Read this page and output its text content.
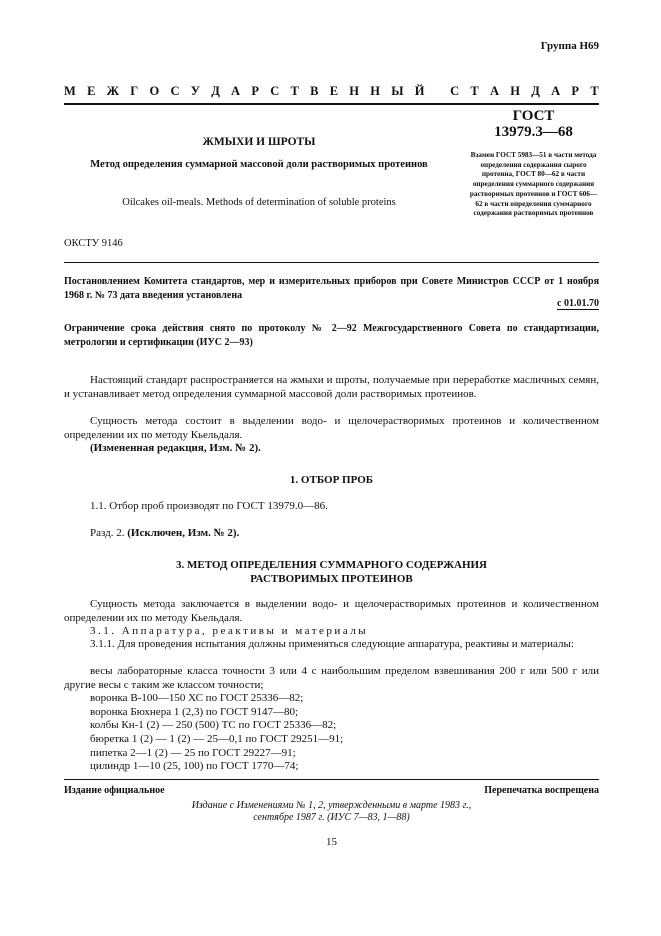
Группа Н69
М Е Ж Г О С У Д А Р С Т В Е Н Н Ы Й
С Т А Н Д А Р Т
ЖМЫХИ И ШРОТЫ
Метод определения суммарной массовой доли растворимых протеинов
Oilcakes oil-meals. Methods of determination of soluble proteins
ОКСТУ 9146
ГОСТ
13979.3—68
Взамен ГОСТ 5983—51 в части метода определения содержания сырого протеина, ГОСТ 80—62 в части определения суммарного содержания растворимых протеинов и ГОСТ 606—62 в части определения суммарного содержания растворимых протеинов
Постановлением Комитета стандартов, мер и измерительных приборов при Совете Министров СССР от 1 ноября 1968 г. № 73 дата введения установлена
с 01.01.70
Ограничение срока действия снято по протоколу № 2—92 Межгосударственного Совета по стандартизации, метрологии и сертификации (ИУС 2—93)
Настоящий стандарт распространяется на жмыхи и шроты, получаемые при переработке масличных семян, и устанавливает метод определения суммарной массовой доли растворимых протеинов.
Сущность метода состоит в выделении водо- и щелочерастворимых протеинов и количественном определении их по методу Кьельдаля.
(Измененная редакция, Изм. № 2).
1. ОТБОР ПРОБ
1.1. Отбор проб производят по ГОСТ 13979.0—86.
Разд. 2. (Исключен, Изм. № 2).
3. МЕТОД ОПРЕДЕЛЕНИЯ СУММАРНОГО СОДЕРЖАНИЯ РАСТВОРИМЫХ ПРОТЕИНОВ
Сущность метода заключается в выделении водо- и щелочерастворимых протеинов и количественном определении их по методу Кьельдаля.
3.1. Аппаратура, реактивы и материалы
3.1.1. Для проведения испытания должны применяться следующие аппаратура, реактивы и материалы:
весы лабораторные класса точности 3 или 4 с наибольшим пределом взвешивания 200 г или 500 г или другие весы с таким же классом точности;
воронка В-100—150 ХС по ГОСТ 25336—82;
воронка Бюхнера 1 (2,3) по ГОСТ 9147—80;
колбы Кн-1 (2) — 250 (500) ТС по ГОСТ 25336—82;
бюретка 1 (2) — 1 (2) — 25—0,1 по ГОСТ 29251—91;
пипетка 2—1 (2) — 25 по ГОСТ 29227—91;
цилиндр 1—10 (25, 100) по ГОСТ 1770—74;
Издание официальное	Перепечатка воспрещена
Издание с Изменениями № 1, 2, утвержденными в марте 1983 г.,
сентябре 1987 г. (ИУС 7—83, 1—88)
15
